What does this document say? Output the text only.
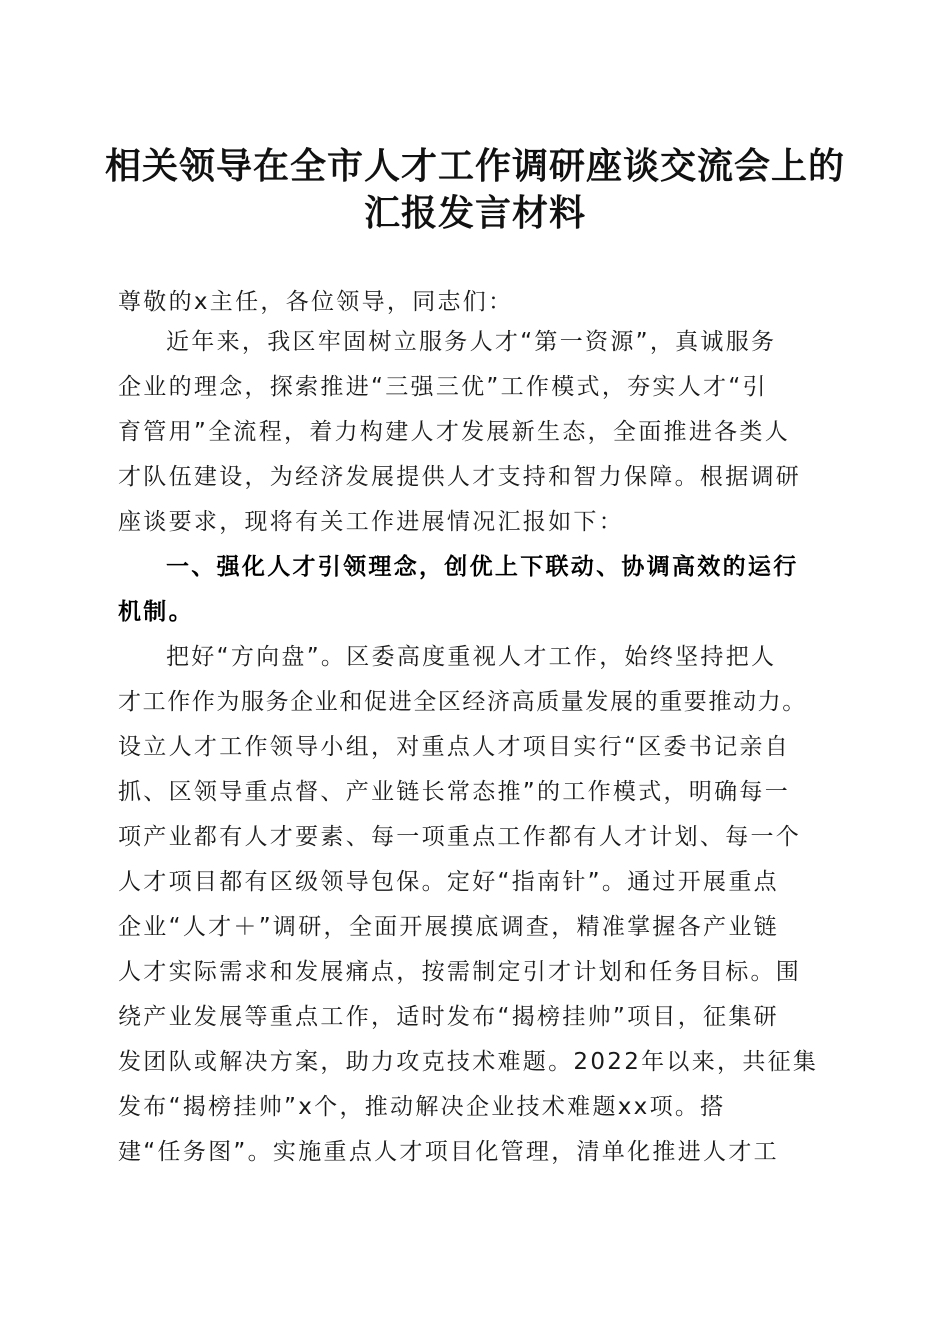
相关领导在全市人才工作调研座谈交流会上的
汇报发言材料
尊敬的x主任，各位领导，同志们：
近年来，我区牢固树立服务人才“第一资源”，真诚服务
企业的理念，探索推进“三强三优”工作模式，夯实人才“引
育管用”全流程，着力构建人才发展新生态，全面推进各类人
才队伍建设，为经济发展提供人才支持和智力保障。根据调研
座谈要求，现将有关工作进展情况汇报如下：
一、强化人才引领理念，创优上下联动、协调高效的运行
机制。
把好“方向盘”。区委高度重视人才工作，始终坚持把人
才工作作为服务企业和促进全区经济高质量发展的重要推动力。
设立人才工作领导小组，对重点人才项目实行“区委书记亲自
抓、区领导重点督、产业链长常态推”的工作模式，明确每一
项产业都有人才要素、每一项重点工作都有人才计划、每一个
人才项目都有区级领导包保。定好“指南针”。通过开展重点
企业“人才＋”调研，全面开展摸底调查，精准掌握各产业链
人才实际需求和发展痛点，按需制定引才计划和任务目标。围
绕产业发展等重点工作，适时发布“揭榜挂帅”项目，征集研
发团队或解决方案，助力攻克技术难题。2022年以来，共征集
发布“揭榜挂帅”x个，推动解决企业技术难题xx项。搭
建“任务图”。实施重点人才项目化管理，清单化推进人才工
